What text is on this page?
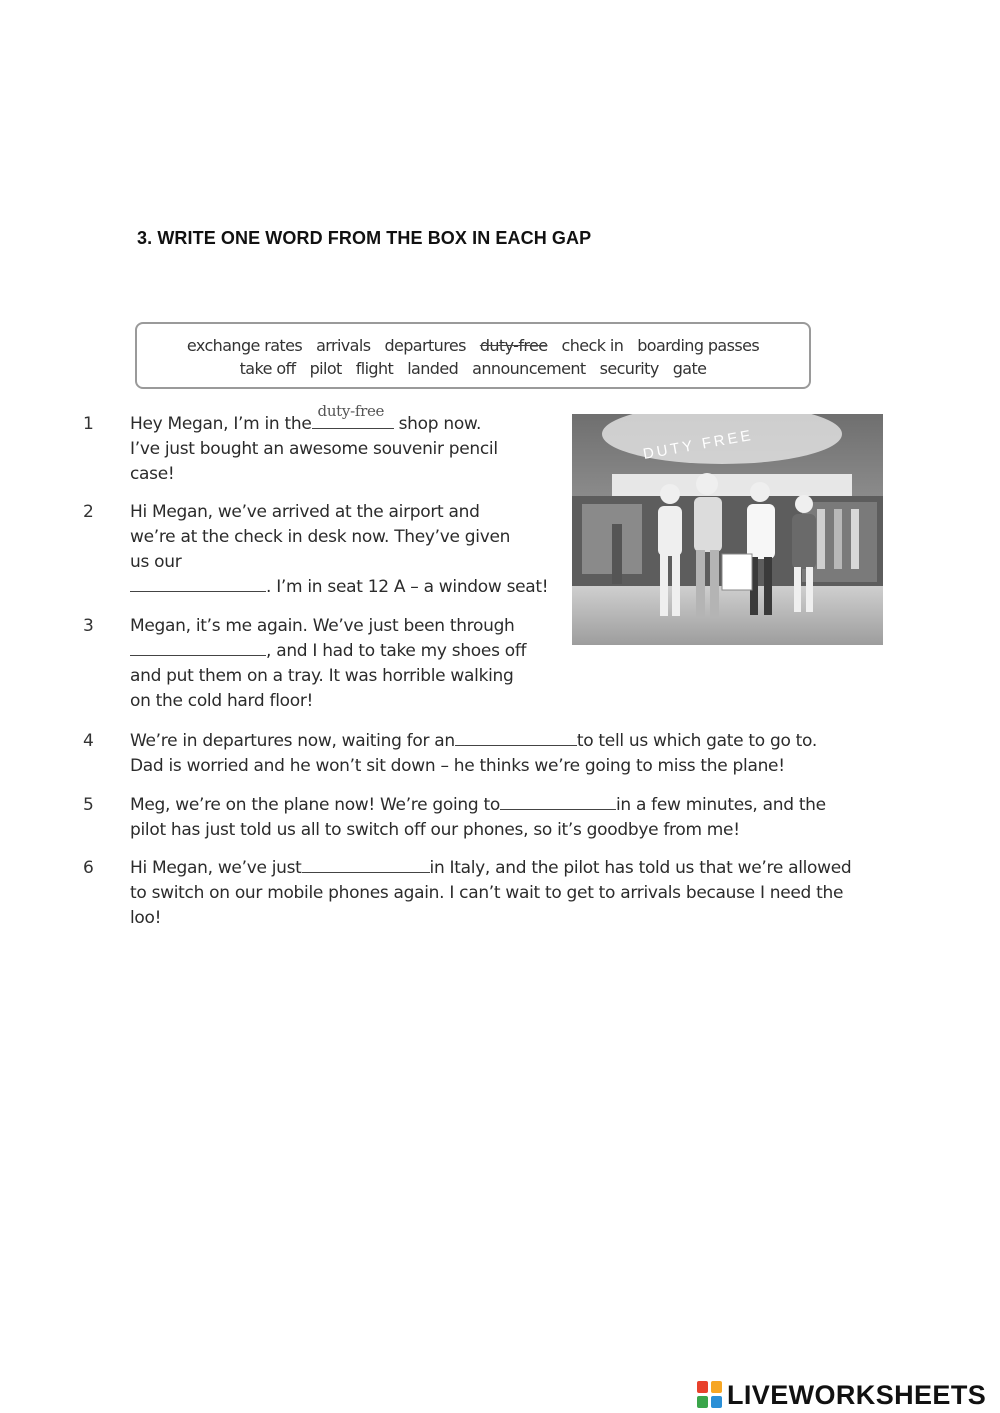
3. WRITE ONE WORD FROM THE BOX IN EACH GAP
exchange rates arrivals departures duty-free check in boarding passes
take off pilot flight landed announcement security gate
1 Hey Megan, I’m in the
duty-free
shop now.
I’ve just bought an awesome souvenir pencil
case!
2 Hi Megan, we’ve arrived at the airport and
we’re at the check in desk now. They’ve given
us our
. I’m in seat 12 A – a window seat!
3 Megan, it’s me again. We’ve just been through
, and I had to take my shoes off
and put them on a tray. It was horrible walking
on the cold hard floor!
DUTY FREE
4 We’re in departures now, waiting for an	to tell us which gate to go to.
Dad is worried and he won’t sit down – he thinks we’re going to miss the plane!
5 Meg, we’re on the plane now! We’re going to	in a few minutes, and the
pilot has just told us all to switch off our phones, so it’s goodbye from me!
6 Hi Megan, we’ve just	in Italy, and the pilot has told us that we’re allowed
to switch on our mobile phones again. I can’t wait to get to arrivals because I need the
loo!
LIVEWORKSHEETS
